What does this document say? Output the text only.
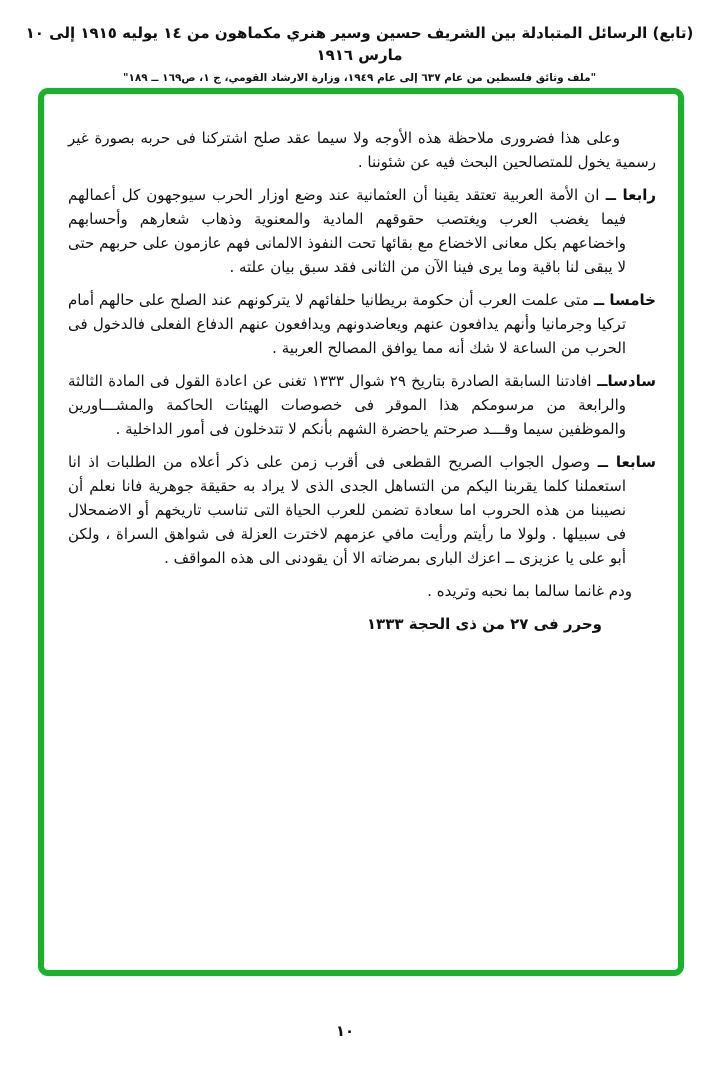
(تابع) الرسائل المتبادلة بين الشريف حسين وسير هنري مكماهون من ١٤ يوليه ١٩١٥ إلى ١٠ مارس ١٩١٦
"ملف وثائق فلسطين من عام ٦٣٧ إلى عام ١٩٤٩، وزارة الارشاد القومي، ج ١، ص١٦٩ ــ ١٨٩"

وعلى هذا فضرورى ملاحظة هذه الأوجه ولا سيما عقد صلح اشتركنا فى حربه بصورة غير رسمية يخول للمتصالحين البحث فيه عن شئوننا .

رابعا ــ ان الأمة العربية تعتقد يقينا أن العثمانية عند وضع اوزار الحرب سيوجهون كل أعمالهم فيما يغضب العرب ويغتصب حقوقهم المادية والمعنوية وذهاب شعارهم وأحسابهم واخضاعهم بكل معانى الاخضاع مع بقائها تحت النفوذ الالمانى فهم عازمون على حربهم حتى لا يبقى لنا باقية وما يرى فينا الآن من الثانى فقد سبق بيان علته .

خامسا ــ متى علمت العرب أن حكومة بريطانيا حلفائهم لا يتركونهم عند الصلح على حالهم أمام تركيا وجرمانيا وأنهم يدافعون عنهم ويعاضدونهم ويدافعون عنهم الدفاع الفعلى فالدخول فى الحرب من الساعة لا شك أنه مما يوافق المصالح العربية .

سادساــ افادتنا السابقة الصادرة بتاريخ ٢٩ شوال ١٣٣٣ تغنى عن اعادة القول فى المادة الثالثة والرابعة من مرسومكم هذا الموقر فى خصوصات الهيئات الحاكمة والمشـــاورين والموظفين سيما وقـــد صرحتم ياحضرة الشهم بأنكم لا تتدخلون فى أمور الداخلية .

سابعا ــ وصول الجواب الصريح القطعى فى أقرب زمن على ذكر أعلاه من الطلبات اذ انا استعملنا كلما يقربنا اليكم من التساهل الجدى الذى لا يراد به حقيقة جوهرية فانا نعلم أن نصيبنا من هذه الحروب اما سعادة تضمن للعرب الحياة التى تناسب تاريخهم أو الاضمحلال فى سبيلها . ولولا ما رأيتم ورأيت مافي عزمهم لاخترت العزلة فى شواهق السراة ، ولكن أبو على يا عزيزى ــ اعزك البارى بمرضاته الا أن يقودنى الى هذه المواقف .

ودم غانما سالما بما نحبه وتريده .

وحرر فى ٢٧ من ذى الحجة ١٣٣٣

١٠
